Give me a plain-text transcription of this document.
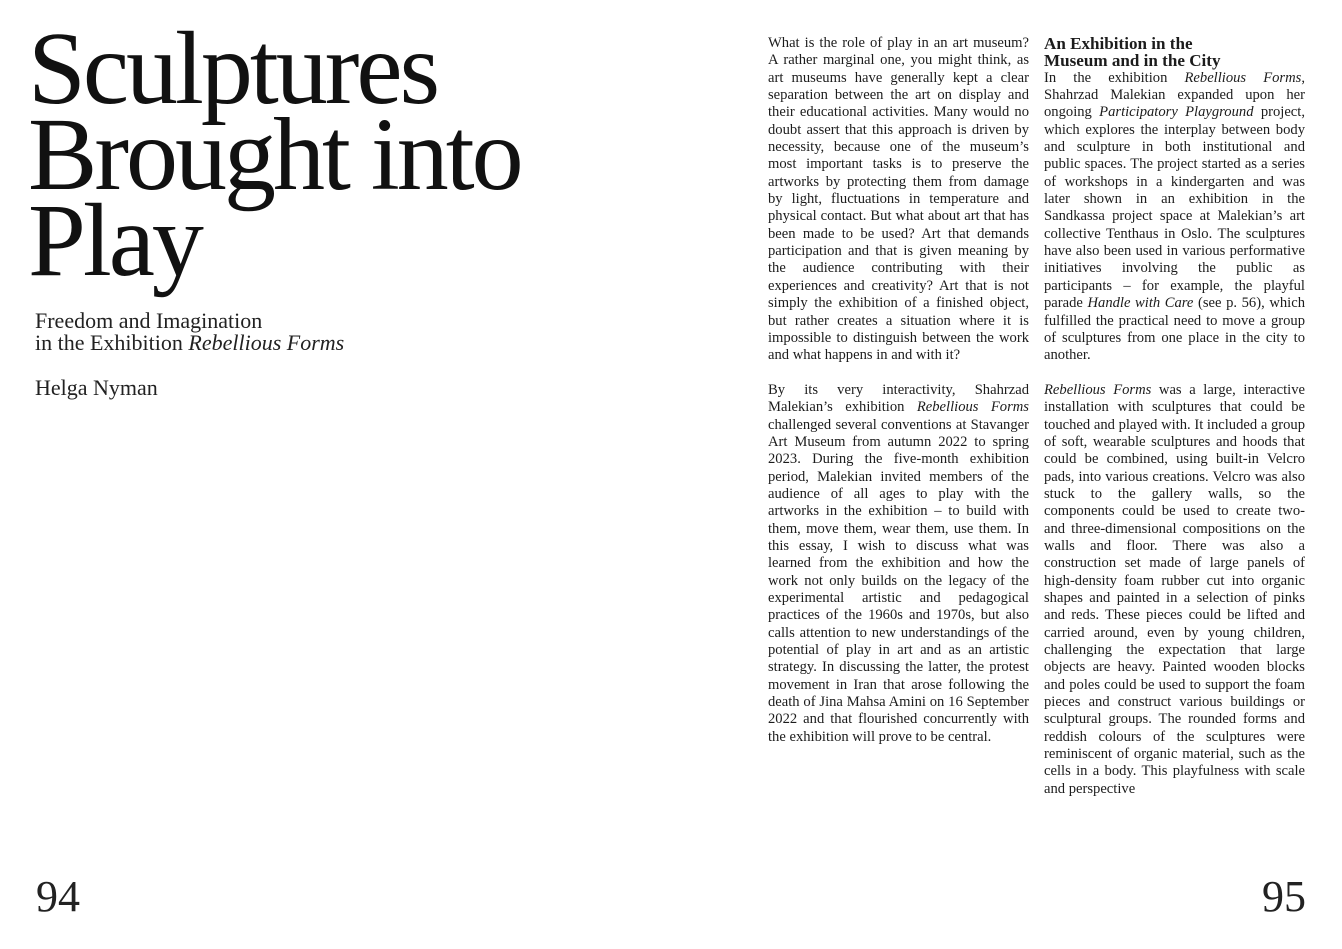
Sculptures
Brought into
Play
Freedom and Imagination
in the Exhibition Rebellious Forms

Helga Nyman

94

What is the role of play in an art museum? A rather marginal one, you might think, as art museums have generally kept a clear separation between the art on display and their educational activities. Many would no doubt assert that this approach is driven by necessity, because one of the museum’s most important tasks is to preserve the artworks by protecting them from damage by light, fluctuations in temperature and physical contact. But what about art that has been made to be used? Art that demands participation and that is given meaning by the audience contributing with their experiences and creativity? Art that is not simply the exhibition of a finished object, but rather creates a situation where it is impossible to distinguish between the work and what happens in and with it?

By its very interactivity, Shahrzad Malekian’s exhibition Rebellious Forms challenged several conventions at Stavanger Art Museum from autumn 2022 to spring 2023. During the five-month exhibition period, Malekian invited members of the audience of all ages to play with the artworks in the exhibition – to build with them, move them, wear them, use them. In this essay, I wish to discuss what was learned from the exhibition and how the work not only builds on the legacy of the experimental artistic and pedagogical practices of the 1960s and 1970s, but also calls attention to new understandings of the potential of play in art and as an artistic strategy. In discussing the latter, the protest movement in Iran that arose following the death of Jina Mahsa Amini on 16 September 2022 and that flourished concurrently with the exhibition will prove to be central.

An Exhibition in the
Museum and in the City

In the exhibition Rebellious Forms, Shahrzad Malekian expanded upon her ongoing Participatory Playground project, which explores the interplay between body and sculpture in both institutional and public spaces. The project started as a series of workshops in a kindergarten and was later shown in an exhibition in the Sandkassa project space at Malekian’s art collective Tenthaus in Oslo. The sculptures have also been used in various performative initiatives involving the public as participants – for example, the playful parade Handle with Care (see p. 56), which fulfilled the practical need to move a group of sculptures from one place in the city to another.

Rebellious Forms was a large, interactive installation with sculptures that could be touched and played with. It included a group of soft, wearable sculptures and hoods that could be combined, using built-in Velcro pads, into various creations. Velcro was also stuck to the gallery walls, so the components could be used to create two- and three-dimensional compositions on the walls and floor. There was also a construction set made of large panels of high-density foam rubber cut into organic shapes and painted in a selection of pinks and reds. These pieces could be lifted and carried around, even by young children, challenging the expectation that large objects are heavy. Painted wooden blocks and poles could be used to support the foam pieces and construct various buildings or sculptural groups. The rounded forms and reddish colours of the sculptures were reminiscent of organic material, such as the cells in a body. This playfulness with scale and perspective

95
